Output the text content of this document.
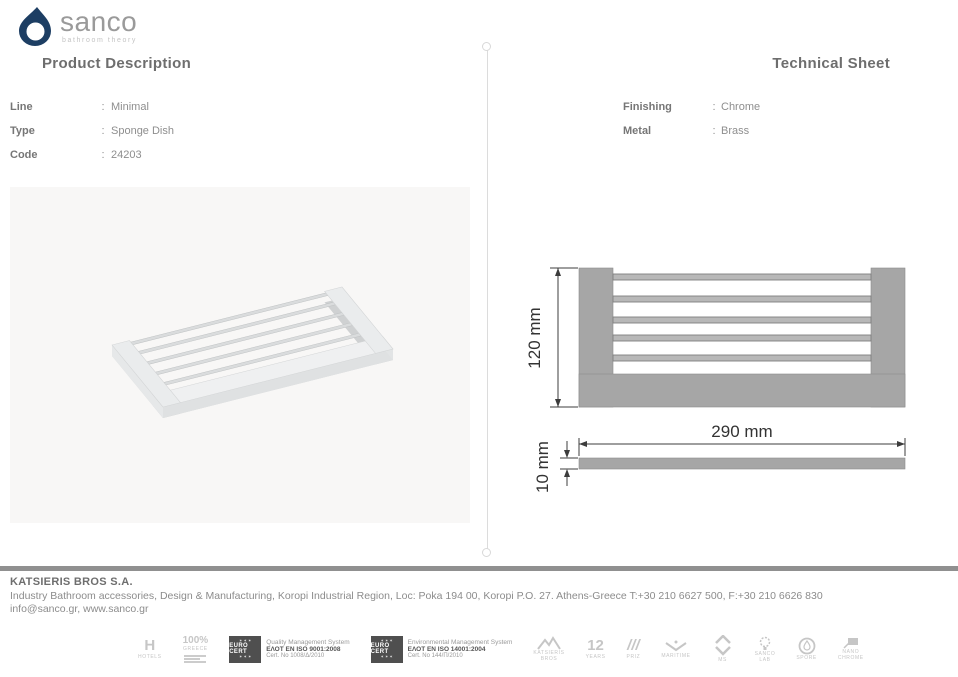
sanco
bathroom theory
Product Description	Technical Sheet
Line	: Minimal
Type	: Sponge Dish
Code	: 24203
Finishing	: Chrome
Metal	: Brass
120 mm
290 mm
10 mm
KATSIERIS BROS S.A.
Industry Bathroom accessories, Design & Manufacturing, Koropi Industrial Region, Loc: Poka 194 00, Koropi P.O. 27. Athens-Greece T:+30 210 6627 500, F:+30 210 6626 830
info@sanco.gr, www.sanco.gr
H
HOTELS
100%
GREECE
✶ ✶ ✶
EURO CERT
✶ ✶ ✶
Quality Management System
ΕΛΟΤ EN ISO 9001:2008
Cert. No 1008/Δ/2010
✶ ✶ ✶
EURO CERT
✶ ✶ ✶
Environmental Management System
ΕΛΟΤ EN ISO 14001:2004
Cert. No 144/Π/2010
KATSIERIS
BROS
12
YEARS
///
PRIZ	MARITIME
MS
SANCO
LAB	SPORE
NANO
CHROME
